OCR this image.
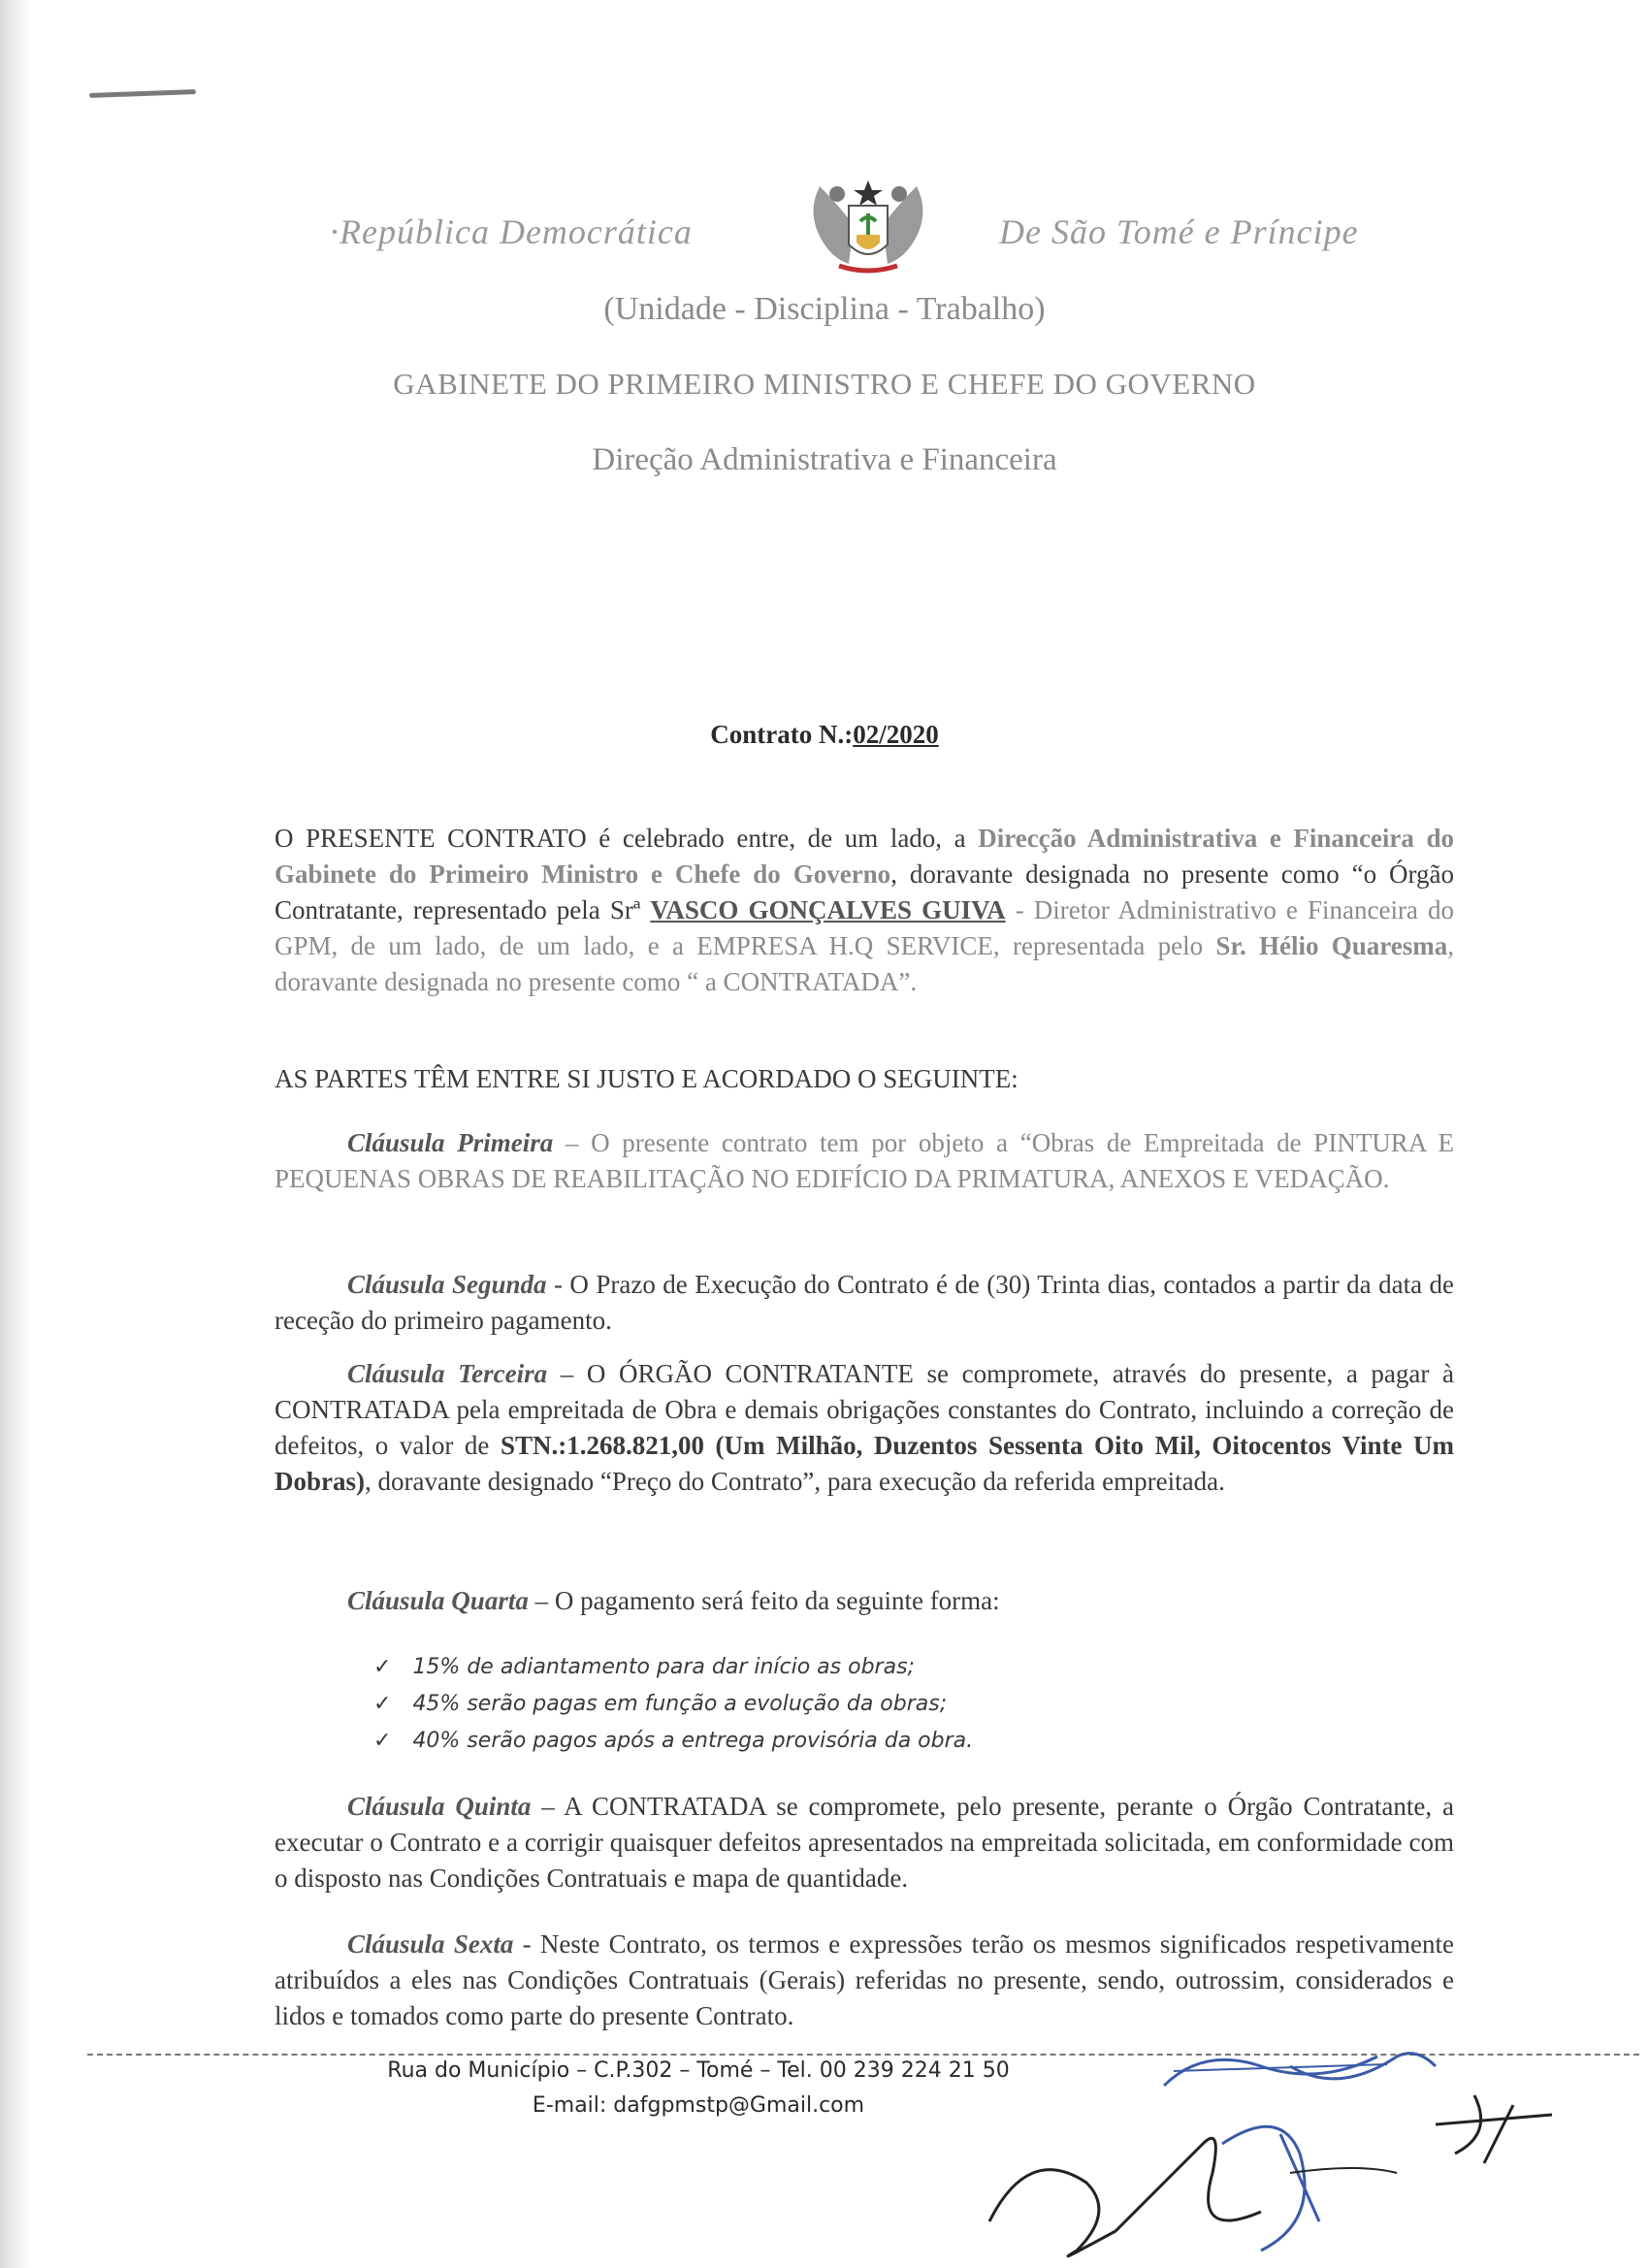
·República Democrática	De São Tomé e Príncipe
(Unidade - Disciplina - Trabalho)
GABINETE DO PRIMEIRO MINISTRO E CHEFE DO GOVERNO
Direção Administrativa e Financeira
Contrato N.:02/2020
O PRESENTE CONTRATO é celebrado entre, de um lado, a Direcção Administrativa e Financeira do Gabinete do Primeiro Ministro e Chefe do Governo, doravante designada no presente como “o Órgão Contratante, representado pela Srª VASCO GONÇALVES GUIVA - Diretor Administrativo e Financeira do GPM, de um lado, de um lado, e a EMPRESA H.Q SERVICE, representada pelo Sr. Hélio Quaresma, doravante designada no presente como “ a CONTRATADA”.
AS PARTES TÊM ENTRE SI JUSTO E ACORDADO O SEGUINTE:
Cláusula Primeira – O presente contrato tem por objeto a “Obras de Empreitada de PINTURA E PEQUENAS OBRAS DE REABILITAÇÃO NO EDIFÍCIO DA PRIMATURA, ANEXOS E VEDAÇÃO.
Cláusula Segunda - O Prazo de Execução do Contrato é de (30) Trinta dias, contados a partir da data de receção do primeiro pagamento.
Cláusula Terceira – O ÓRGÃO CONTRATANTE se compromete, através do presente, a pagar à CONTRATADA pela empreitada de Obra e demais obrigações constantes do Contrato, incluindo a correção de defeitos, o valor de STN.:1.268.821,00 (Um Milhão, Duzentos Sessenta Oito Mil, Oitocentos Vinte Um Dobras), doravante designado “Preço do Contrato”, para execução da referida empreitada.
Cláusula Quarta – O pagamento será feito da seguinte forma:
✓ 15% de adiantamento para dar início as obras;
✓ 45% serão pagas em função a evolução da obras;
✓ 40% serão pagos após a entrega provisória da obra.
Cláusula Quinta – A CONTRATADA se compromete, pelo presente, perante o Órgão Contratante, a executar o Contrato e a corrigir quaisquer defeitos apresentados na empreitada solicitada, em conformidade com o disposto nas Condições Contratuais e mapa de quantidade.
Cláusula Sexta - Neste Contrato, os termos e expressões terão os mesmos significados respetivamente atribuídos a eles nas Condições Contratuais (Gerais) referidas no presente, sendo, outrossim, considerados e lidos e tomados como parte do presente Contrato.
Rua do Município – C.P.302 – Tomé – Tel. 00 239 224 21 50
E-mail: dafgpmstp@Gmail.com
